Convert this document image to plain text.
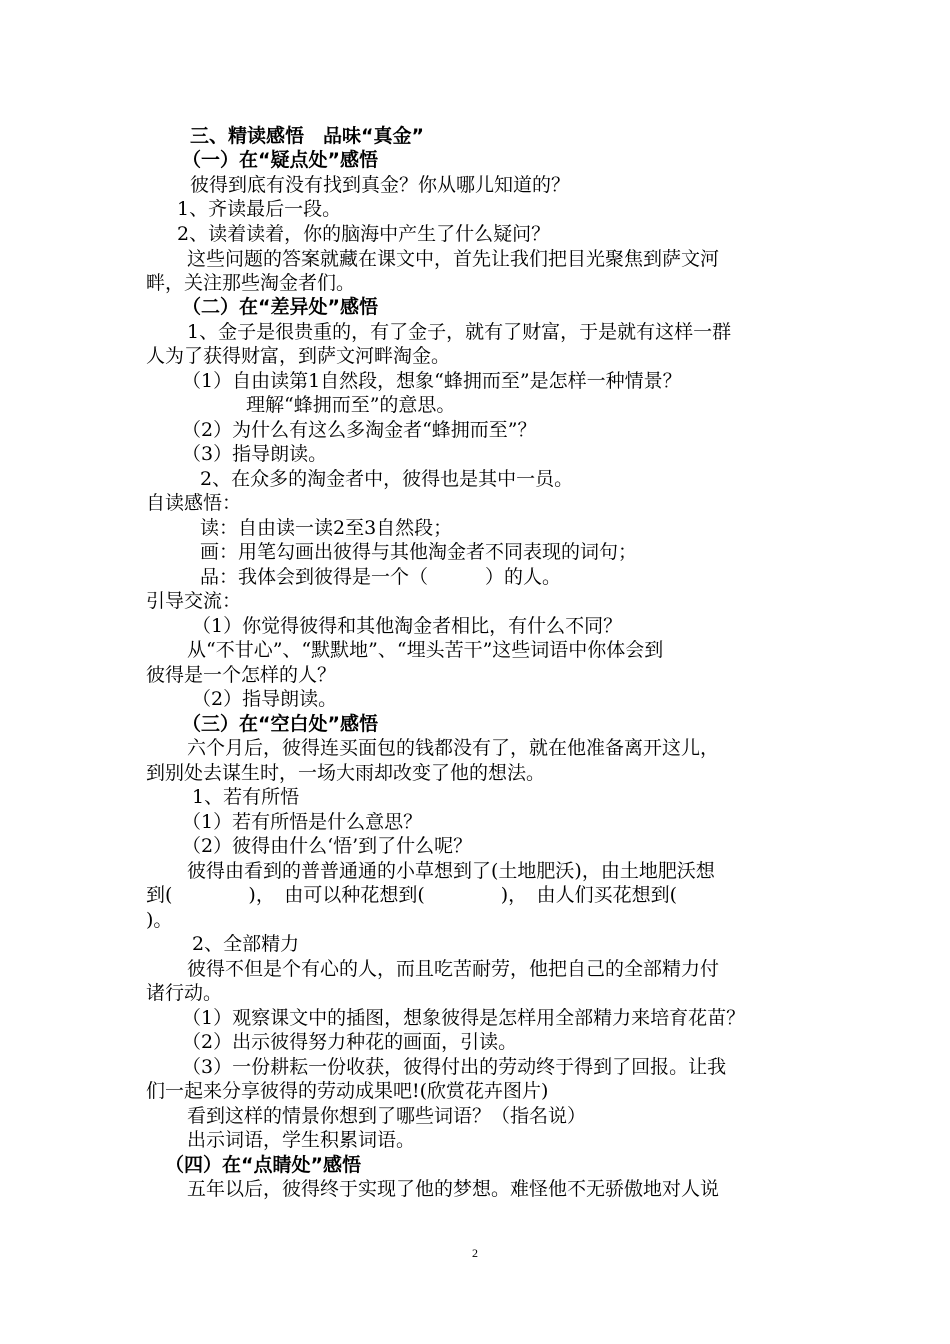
三、精读感悟　品味“真金”
（一）在“疑点处”感悟
彼得到底有没有找到真金？你从哪儿知道的？
1、齐读最后一段。
2、读着读着，你的脑海中产生了什么疑问？
这些问题的答案就藏在课文中，首先让我们把目光聚焦到萨文河
畔，关注那些淘金者们。
（二）在“差异处”感悟
1、金子是很贵重的，有了金子，就有了财富，于是就有这样一群
人为了获得财富，到萨文河畔淘金。
（1）自由读第1自然段，想象“蜂拥而至”是怎样一种情景？
理解“蜂拥而至”的意思。
（2）为什么有这么多淘金者“蜂拥而至”？
（3）指导朗读。
2、在众多的淘金者中，彼得也是其中一员。
自读感悟：
读：自由读一读2至3自然段；
画：用笔勾画出彼得与其他淘金者不同表现的词句；
品：我体会到彼得是一个（　　　）的人。
引导交流：
（1）你觉得彼得和其他淘金者相比，有什么不同？
从“不甘心”、“默默地”、“埋头苦干”这些词语中你体会到
彼得是一个怎样的人？
（2）指导朗读。
（三）在“空白处”感悟
六个月后，彼得连买面包的钱都没有了，就在他准备离开这儿，
到别处去谋生时，一场大雨却改变了他的想法。
1、若有所悟
（1）若有所悟是什么意思？
（2）彼得由什么‘悟’到了什么呢？
彼得由看到的普普通通的小草想到了(土地肥沃)，由土地肥沃想
到(　　　　)，　由可以种花想到(　　　　)，　由人们买花想到(
)。
2、全部精力
彼得不但是个有心的人，而且吃苦耐劳，他把自己的全部精力付
诸行动。
（1）观察课文中的插图，想象彼得是怎样用全部精力来培育花苗？
（2）出示彼得努力种花的画面，引读。
（3）一份耕耘一份收获，彼得付出的劳动终于得到了回报。让我
们一起来分享彼得的劳动成果吧!(欣赏花卉图片)
看到这样的情景你想到了哪些词语？（指名说）
出示词语，学生积累词语。
（四）在“点睛处”感悟
五年以后，彼得终于实现了他的梦想。难怪他不无骄傲地对人说
2
